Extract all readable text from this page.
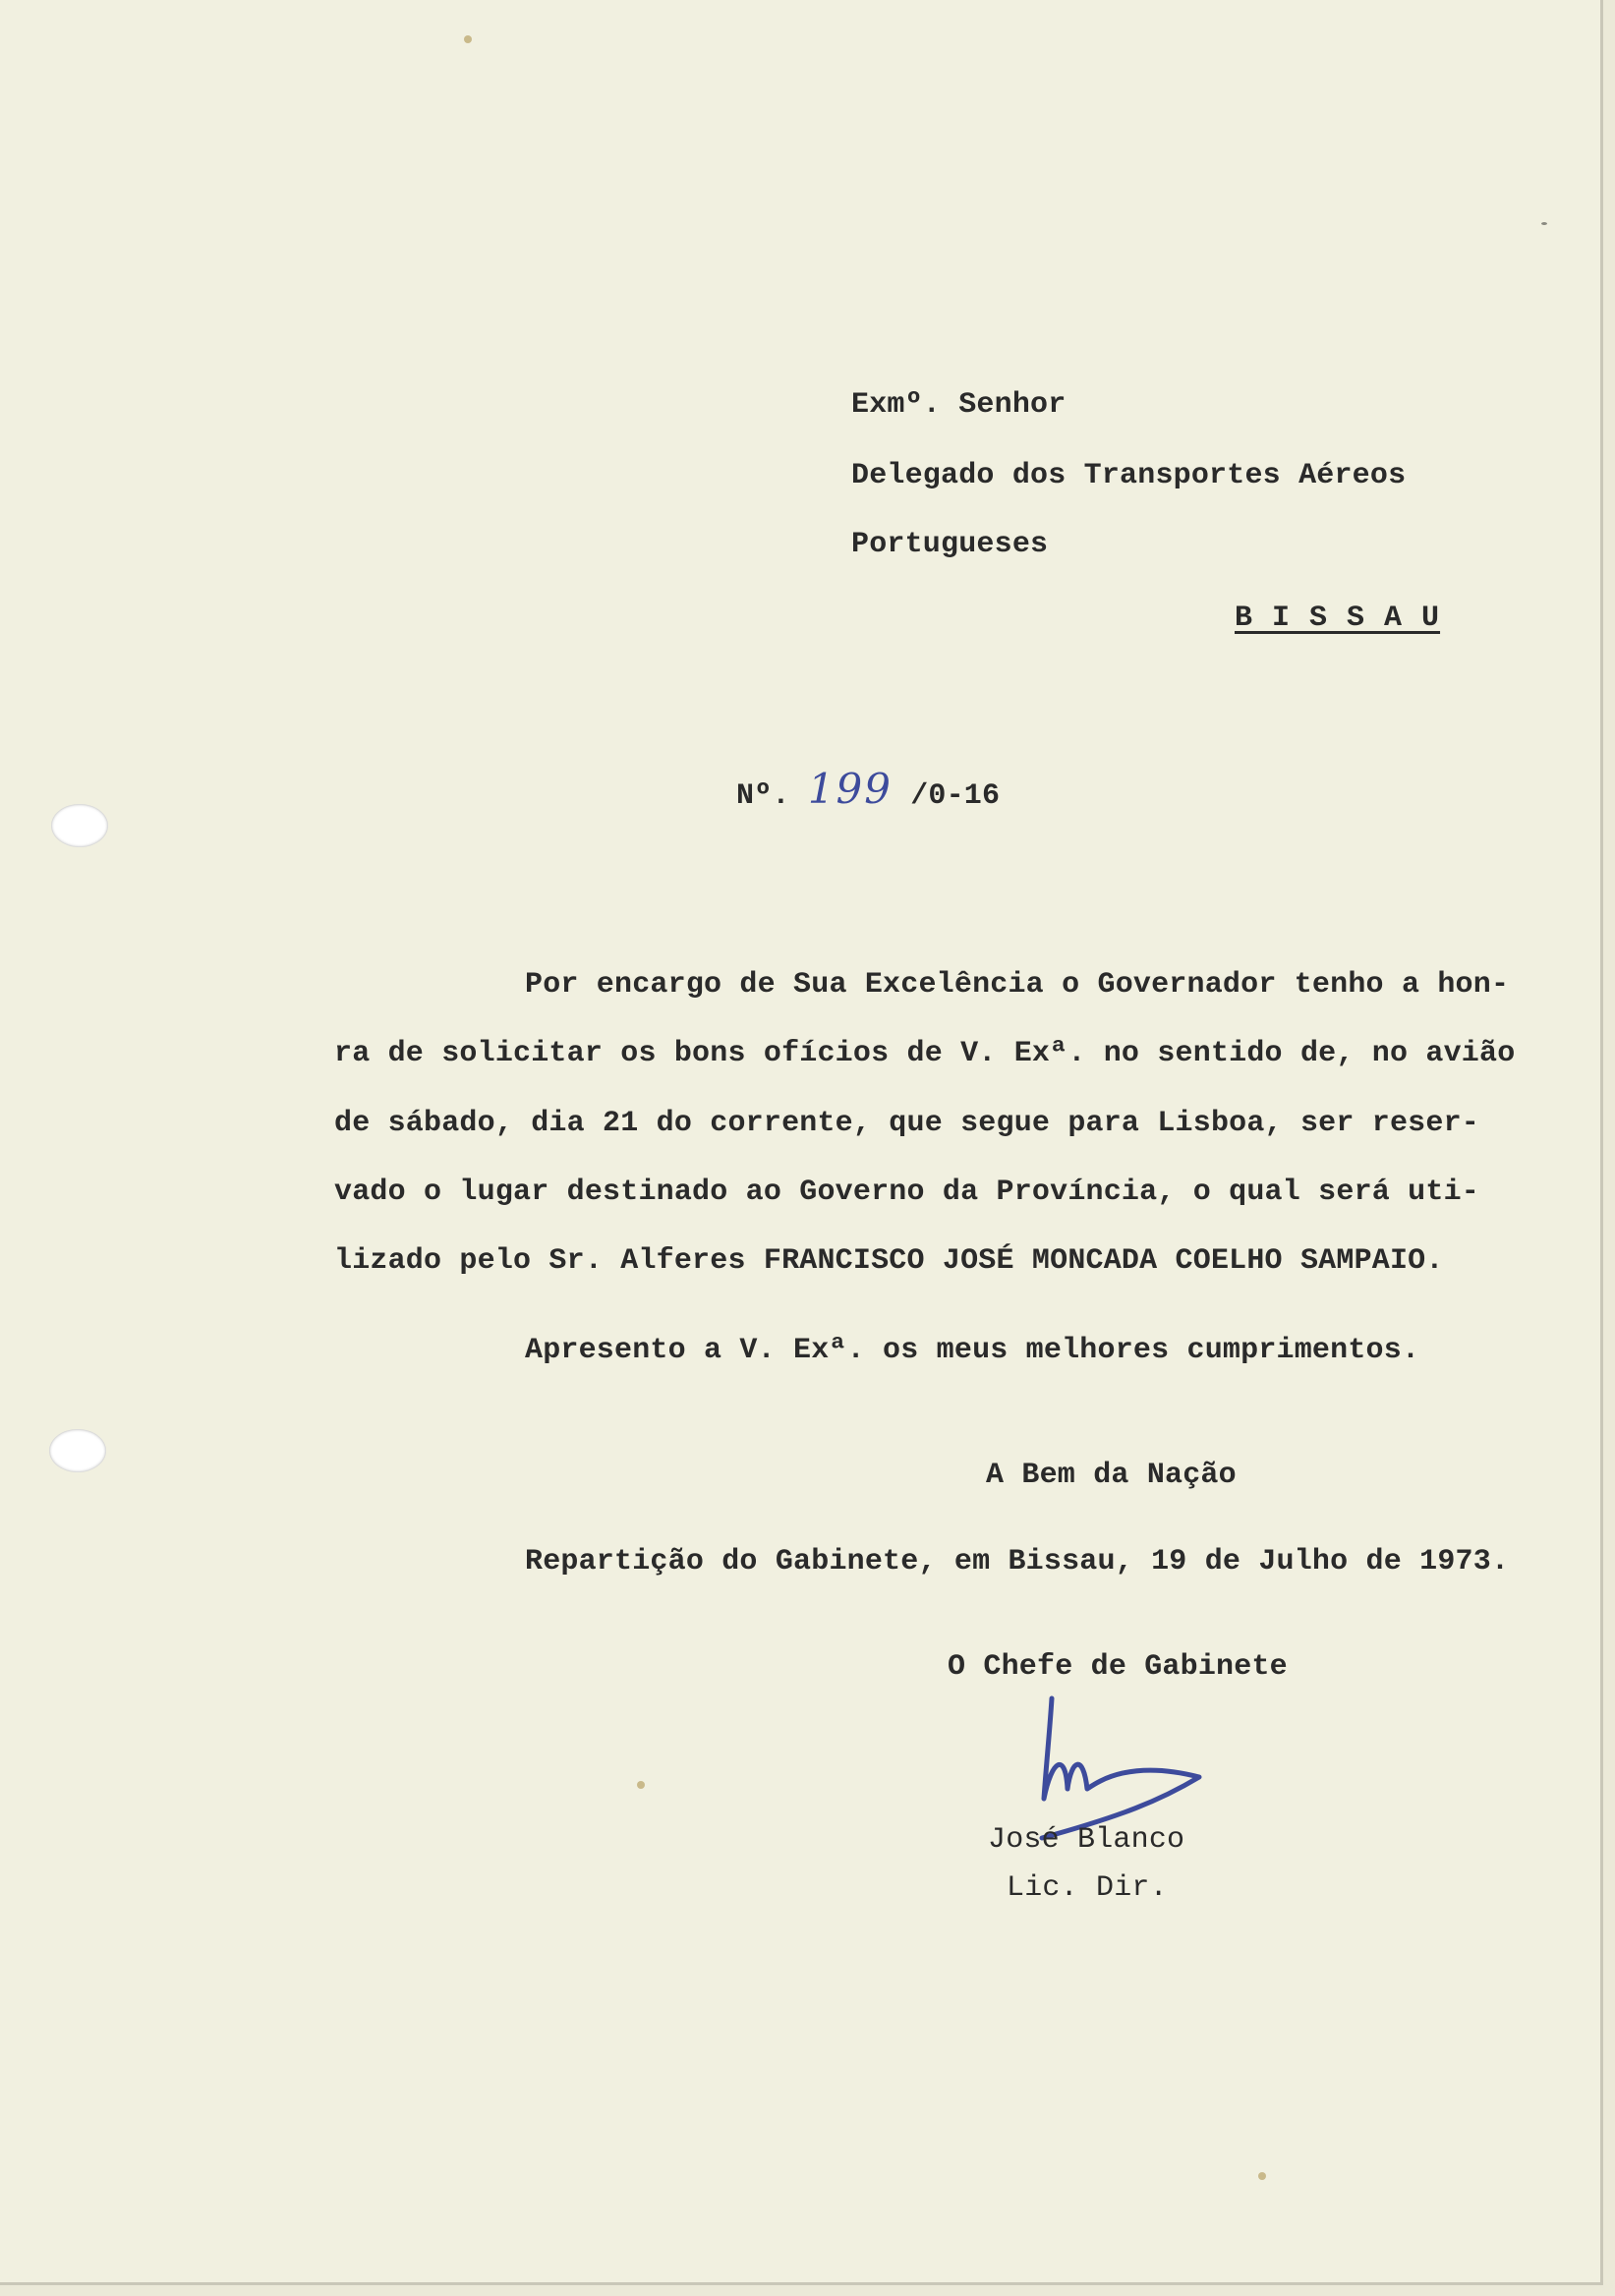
Exmº. Senhor

Delegado dos Transportes Aéreos

Portugueses

B I S S A U

Nº. 199 /0-16

Por encargo de Sua Excelência o Governador tenho a hon-

ra de solicitar os bons ofícios de V. Exª. no sentido de, no avião

de sábado, dia 21 do corrente, que segue para Lisboa, ser reser-

vado o lugar destinado ao Governo da Província, o qual será uti-

lizado pelo Sr. Alferes FRANCISCO JOSÉ MONCADA COELHO SAMPAIO.

Apresento a V. Exª. os meus melhores cumprimentos.

A Bem da Nação

Repartição do Gabinete, em Bissau, 19 de Julho de 1973.

O Chefe de Gabinete

José Blanco

Lic. Dir.
